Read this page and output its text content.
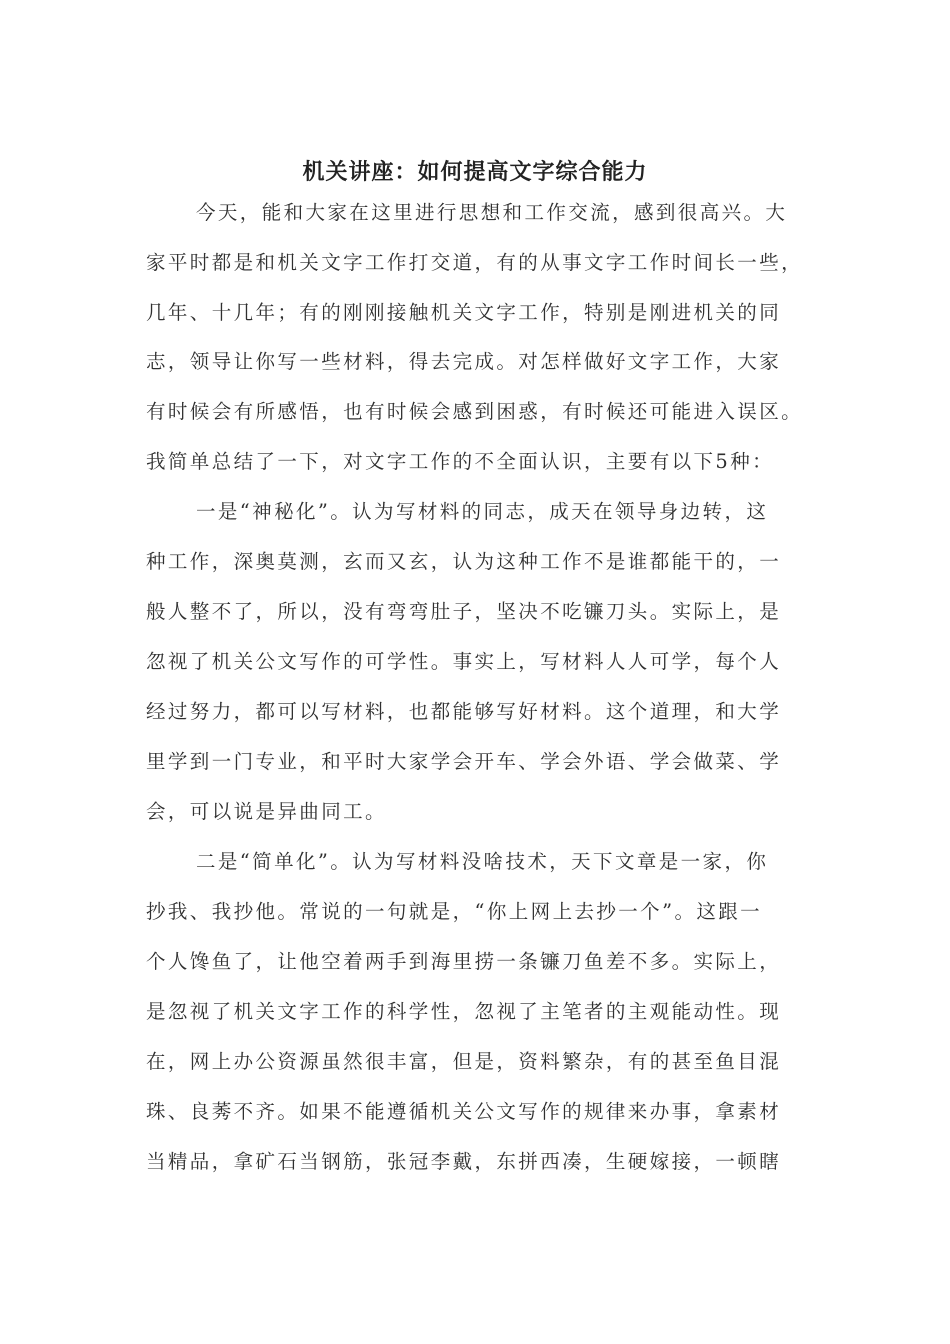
机关讲座：如何提高文字综合能力
今天，能和大家在这里进行思想和工作交流，感到很高兴。大
家平时都是和机关文字工作打交道，有的从事文字工作时间长一些，
几年、十几年；有的刚刚接触机关文字工作，特别是刚进机关的同
志，领导让你写一些材料，得去完成。对怎样做好文字工作，大家
有时候会有所感悟，也有时候会感到困惑，有时候还可能进入误区。
我简单总结了一下，对文字工作的不全面认识，主要有以下5种：
一是“神秘化”。认为写材料的同志，成天在领导身边转，这
种工作，深奥莫测，玄而又玄，认为这种工作不是谁都能干的，一
般人整不了，所以，没有弯弯肚子，坚决不吃镰刀头。实际上，是
忽视了机关公文写作的可学性。事实上，写材料人人可学，每个人
经过努力，都可以写材料，也都能够写好材料。这个道理，和大学
里学到一门专业，和平时大家学会开车、学会外语、学会做菜、学
会，可以说是异曲同工。
二是“简单化”。认为写材料没啥技术，天下文章是一家，你
抄我、我抄他。常说的一句就是，“你上网上去抄一个”。这跟一
个人馋鱼了，让他空着两手到海里捞一条镰刀鱼差不多。实际上，
是忽视了机关文字工作的科学性，忽视了主笔者的主观能动性。现
在，网上办公资源虽然很丰富，但是，资料繁杂，有的甚至鱼目混
珠、良莠不齐。如果不能遵循机关公文写作的规律来办事，拿素材
当精品，拿矿石当钢筋，张冠李戴，东拼西凑，生硬嫁接，一顿瞎
